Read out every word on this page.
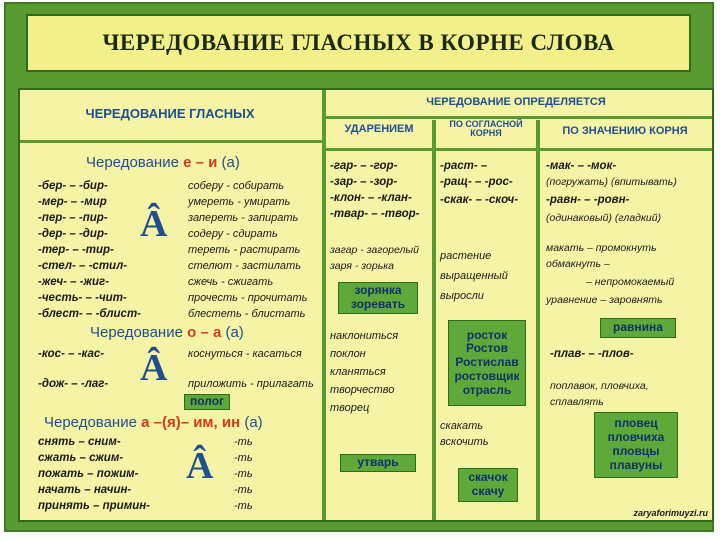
ЧЕРЕДОВАНИЕ ГЛАСНЫХ В КОРНЕ СЛОВА
ЧЕРЕДОВАНИЕ ГЛАСНЫХ
ЧЕРЕДОВАНИЕ ОПРЕДЕЛЯЕТСЯ
УДАРЕНИЕМ	ПО СОГЛАСНОЙ КОРНЯ	ПО ЗНАЧЕНИЮ КОРНЯ
Чередование е – и (а)
-бер- – -бир-
-мер- – -мир
-пер- – -пир-
-дер- – -дир-
-тер- – -тир-
-стел- – -стил-
-жеч- – -жиг-
-честь- – -чит-
-блест- – -блист-
Â
соберу - собирать
умереть - умирать
запереть - запирать
содеру - сдирать
тереть - растирать
стелют - застилать
сжечь - сжигать
прочесть - прочитать
блестеть - блистать
Чередование о – а (а)
-кос- – -кас-
-дож- – -лаг- Â коснуться - касаться
приложить - прилагать
полог
Чередование а –(я)– им, ин (а)
снять – сним-
сжать – сжим-
пожать – пожим-
начать – начин-
принять – примин-
Â
-ть
-ть
-ть
-ть
-ть
-гар- – -гор-
-зар- – -зор-
-клон- – -клан-
-твар- – -твор-
загар - загорелый
заря - зорька
зорянка
зоревать
наклониться
поклон
кланяться
творчество
творец
утварь
-раст- –
-ращ- – -рос-
-скак- – -скоч-
растение
выращенный
выросли
росток
Ростов
Ростислав
ростовщик
отрасль
скакать
вскочить
скачок
скачу
-мак- – -мок-
(погружать) (впитывать)
-равн- – -ровн-
(одинаковый) (гладкий)
макать – промокнуть
обмакнуть –
– непромокаемый
уравнение – заровнять
равнина
-плав- – -плов-
поплавок, пловчиха,
сплавлять
пловец
пловчиха
пловцы
плавуны
zaryaforimuyzi.ru
